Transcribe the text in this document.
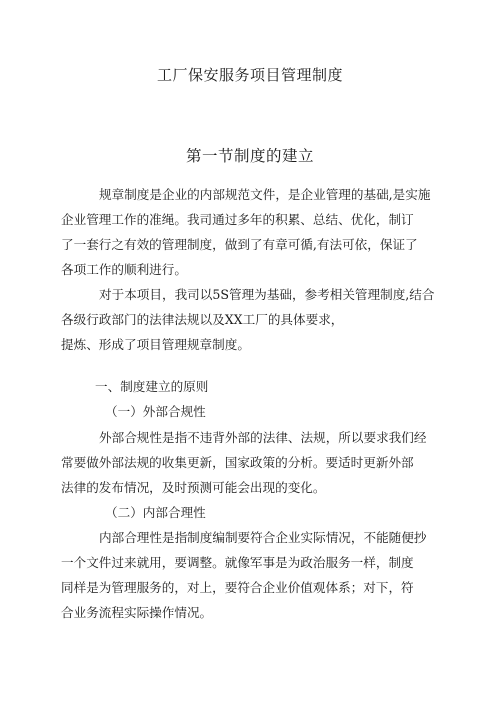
工厂保安服务项目管理制度
第一节制度的建立
规章制度是企业的内部规范文件，是企业管理的基础,是实施
企业管理工作的准绳。我司通过多年的积累、总结、优化，制订
了一套行之有效的管理制度，做到了有章可循,有法可依，保证了
各项工作的顺利进行。
对于本项目，我司以5S管理为基础，参考相关管理制度,结合
各级行政部门的法律法规以及XX工厂的具体要求，
提炼、形成了项目管理规章制度。
一、制度建立的原则
（一）外部合规性
外部合规性是指不违背外部的法律、法规，所以要求我们经
常要做外部法规的收集更新，国家政策的分析。要适时更新外部
法律的发布情况，及时预测可能会出现的变化。
（二）内部合理性
内部合理性是指制度编制要符合企业实际情况，不能随便抄
一个文件过来就用，要调整。就像军事是为政治服务一样，制度
同样是为管理服务的，对上，要符合企业价值观体系；对下，符
合业务流程实际操作情况。
